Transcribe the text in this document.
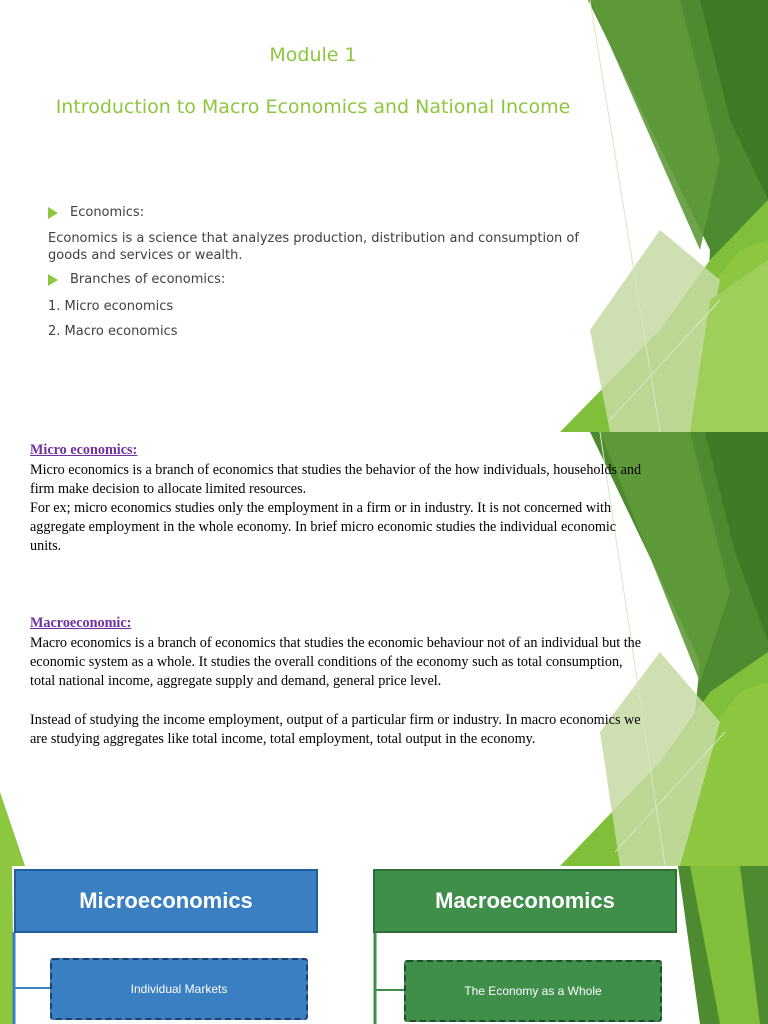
Module 1
Introduction to Macro Economics and National Income
Economics:
Economics is a science that analyzes production, distribution and consumption of goods and services or wealth.
Branches of economics:
1. Micro economics
2. Macro economics
Micro economics:
Micro economics is a branch of economics that studies the behavior of the how individuals, households and firm make decision to allocate limited resources.
For ex; micro economics studies only the employment in a firm or in industry. It is not concerned with aggregate employment in the whole economy. In brief micro economic studies the individual economic units.
Macroeconomic:
Macro economics is a branch of economics that studies the economic behaviour not of an individual but the economic system as a whole. It studies the overall conditions of the economy such as total consumption, total national income, aggregate supply and demand, general price level.
Instead of studying the income employment, output of a particular firm or industry. In macro economics we are studying aggregates like total income, total employment, total output in the economy.
Microeconomics
Individual Markets
Macroeconomics
The Economy as a Whole
